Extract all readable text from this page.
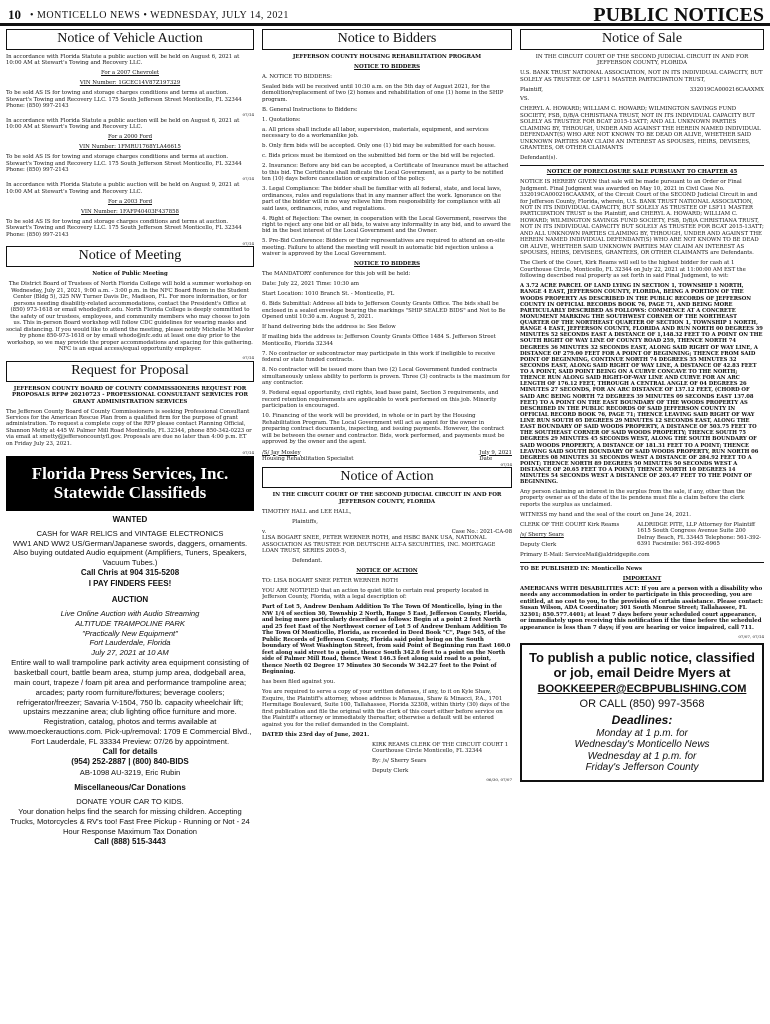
10 • MONTICELLO NEWS • WEDNESDAY, JULY 14, 2021	PUBLIC NOTICES
Notice of Vehicle Auction

In accordance with Florida Statute a public auction will be held on August 6, 2021 at 10:00 AM at Stewart's Towing and Recovery LLC.

For a 2007 Chevrolet

VIN Number: 1GCEC14V87Z197329

To be sold AS IS for towing and storage charges conditions and terms at auction. Stewart's Towing and Recovery LLC. 175 South Jefferson Street Monticello, FL 32344 Phone: (850) 997-2143

07/14

In accordance with Florida Statute a public auction will be held on August 6, 2021 at 10:00 AM at Stewart's Towing and Recovery LLC.

For a 2000 Ford

VIN Number: 1FMRU1768YLA46615

To be sold AS IS for towing and storage charges conditions and terms at auction. Stewart's Towing and Recovery LLC. 175 South Jefferson Street Monticello, FL 32344 Phone: (850) 997-2143

07/14

In accordance with Florida Statute a public auction will be held on August 9, 2021 at 10:00 AM at Stewart's Towing and Recovery LLC.

For a 2003 Ford

VIN Number: 1FAFP40403F437858

To be sold AS IS for towing and storage charges conditions and terms at auction. Stewart's Towing and Recovery LLC. 175 South Jefferson Street Monticello, FL 32344 Phone: (850) 997-2143

07/14
Notice of Meeting

Notice of Public Meeting

The District Board of Trustees of North Florida College will hold a summer workshop on Wednesday, July 21, 2021, 9:00 a.m. - 3:00 p.m. in the NFC Board Room in the Student Center (Bldg 5), 325 NW Turner Davis Dr., Madison, FL. For more information, or for persons needing disability-related accommodations, contact the President's Office at (850) 973-1618 or email whodo@nfc.edu. North Florida College is deeply committed to the safety of our trustees, employees, and community members who may choose to join us. This in-person Board workshop will follow CDC guidelines for wearing masks and social distancing. If you would like to attend the meeting, please notify Michelle M Mavlor by phone 850-973-1618 or by email whodo@nfc.edu at least one day prior to the workshop, so we may provide the proper accommodations and spacing for this gathering. NFC is an equal access/equal opportunity employer.

07/14
Request for Proposal

JEFFERSON COUNTY BOARD OF COUNTY COMMISSIONERS REQUEST FOR PROPOSALS RFP# 20210723 - PROFESSIONAL CONSULTANT SERVICES FOR GRANT ADMINISTRATION SERVICES

The Jefferson County Board of County Commissioners is seeking Professional Consultant Services for the American Rescue Plan from a qualified firm for the purpose of grant administration. To request a complete copy of the RFP please contact Planning Official, Shannon Metty at 445 W. Palmer Mill Road Monticello, FL 32344, phone 850-342-0223 or via email at smetty@jeffersoncountyfl.gov. Proposals are due no later than 4:00 p.m. ET on Friday July 23, 2021.

07/14
Florida Press Services, Inc. Statewide Classifieds

WANTED

CASH for WAR RELICS and VINTAGE ELECTRONICS
WW1 AND WW2 US/German/Japanese swords, daggers, ornaments.
Also buying outdated Audio equipment (Amplifiers, Tuners, Speakers, Vacuum Tubes.)
Call Chris at 904 315-5208
I PAY FINDERS FEES!

AUCTION

Live Online Auction with Audio Streaming
ALTITUDE TRAMPOLINE PARK
"Practically New Equipment"
Fort Lauderdale, Florida
July 27, 2021 at 10 AM
Entire wall to wall trampoline park activity area equipment consisting of basketball court, battle beam area, stump jump area, dodgeball area, main court, trapeze / foam pit area and performance trampoline area; arcades; party room furniture/fixtures; beverage coolers; refrigerator/freezer; Savaria V-1504, 750 lb. capacity wheelchair lift; upstairs mezzanine area; club lighting office furniture and more. Registration, catalog, photos and terms available at www.moeckerauctions.com. Pick-up/removal: 1709 E Commercial Blvd., Fort Lauderdale, FL 33334 Preview: 07/26 by appointment.
Call for details
(954) 252-2887 | (800) 840-BIDS
AB-1098 AU-3219, Eric Rubin

Miscellaneous/Car Donations

DONATE YOUR CAR TO KIDS.
Your donation helps find the search for missing children. Accepting Trucks, Motorcycles & RV's too! Fast Free Pickup - Running or Not - 24 Hour Response Maximum Tax Donation
Call (888) 515-3443
Notice to Bidders

JEFFERSON COUNTY HOUSING REHABILITATION PROGRAM

NOTICE TO BIDDERS

A. NOTICE TO BIDDERS:

Sealed bids will be received until 10:30 a.m. on the 5th day of August 2021, for the demolition/replacement of two (2) homes and rehabilitation of one (1) home in the SHIP program.

B. General Instructions to Bidders:

1. Quotations:

a. All prices shall include all labor, supervision, materials, equipment, and services necessary to do a workmanlike job.

b. Only firm bids will be accepted. Only one (1) bid may be submitted for each house.

c. Bids prices must be itemized on the submitted bid form or the bid will be rejected.

2. Insurance: Before any bid can be accepted, a Certificate of Insurance must be attached to this bid. The Certificate shall indicate the Local Government, as a party to be notified ten (10) days before cancellation or expiration of the policy.

3. Legal Compliance: The bidder shall be familiar with all federal, state, and local laws, ordinances, rules and regulations that in any manner affect the work. Ignorance on the part of the bidder will in no way relieve him from responsibility for compliance with all said laws, ordinances, rules, and regulations.

4. Right of Rejection: The owner, in cooperation with the Local Government, reserves the right to reject any one bid or all bids, to waive any informality in any bid, and to award the bid in the best interest of the Local Government and the Owner.

5. Pre-Bid Conference: Bidders or their representatives are required to attend an on-site meeting. Failure to attend the meeting will result in automatic bid rejection unless a waiver is approved by the Local Government.

NOTICE TO BIDDERS

The MANDATORY conference for this job will be held:

Date: July 22, 2021 Time: 10:30 am

Start Location: 1010 Branch St. - Monticello, FL

6. Bids Submittal: Address all bids to Jefferson County Grants Office. The bids shall be enclosed in a sealed envelope bearing the markings "SHIP SEALED BIDS" and Not to Be Opened until 10:30 a.m. August 5, 2021.

If hand delivering bids the address is: See Below

If mailing bids the address is: Jefferson County Grants Office 1484 S. Jefferson Street Monticello, Florida 32344

7. No contractor or subcontractor may participate in this work if ineligible to receive federal or state funded contracts.

8. No contractor will be issued more than two (2) Local Government funded contracts simultaneously unless ability to perform is proven. Three (3) contracts is the maximum for any contractor.

9. Federal equal opportunity, civil rights, lead base paint, Section 3 requirements, and record retention requirements are applicable to work performed on this job. Minority participation is encouraged.

10. Financing of the work will be provided, in whole or in part by the Housing Rehabilitation Program. The Local Government will act as agent for the owner in preparing contract documents, inspecting, and issuing payments. However, the contract will be between the owner and contractor. Bids, work performed, and payments must be approved by the owner and the agent.

/S/ Jay Mosley
Housing Rehabilitation Specialist
July 9, 2021
Date
07/14
Notice of Action

IN THE CIRCUIT COURT OF THE SECOND JUDICIAL CIRCUIT IN AND FOR JEFFERSON COUNTY, FLORIDA

TIMOTHY HALL and LEE HALL,

Plaintiffs,

v.	Case No.: 2021-CA-08

LISA BOGART SNEE, PETER WERNER ROTH, and HSBC BANK USA, NATIONAL ASSOCIATION AS TRUSTEE FOR DEUTSCHE ALT-A SECURITIES, INC. MORTGAGE LOAN TRUST, SERIES 2005-5,

Defendant.

NOTICE OF ACTION

TO: LISA BOGART SNEE PETER WERNER ROTH

YOU ARE NOTIFIED that an action to quiet title to certain real property located in Jefferson County, Florida, with a legal description of:

Part of Lot 5, Andrew Denham Addition To The Town Of Monticello, lying in the NW 1/4 of section 30, Township 2 North, Range 5 East, Jefferson County, Florida, and being more particularly described as follows: Begin at a point 2 feet North and 25 feet East of the Northwest corner of Lot 5 of Andrew Denham Addition To The Town Of Monticello, Florida, as recorded in Deed Book "C", Page 545, of the Public Records of Jefferson County, Florida said point being on the South boundary of West Washington Street, from said Point of Beginning run East 160.0 feet along said street to a point, thence South 342.0 feet to a point on the North side of Palmer Mill Road, thence West 146.3 feet along said road to a point, thence North 02 Degree 17 Minutes 30 Seconds W 342.27 feet to the Point of Beginning.

has been filed against you.

You are required to serve a copy of your written defenses, if any, to it on Kyle Shaw, Esquire, the Plaintiff's attorney, whose address is Manausa, Shaw & Minacci, P.A., 1701 Hermitage Boulevard, Suite 100, Tallahassee, Florida 32308, within thirty (30) days of the first publication and file the original with the clerk of this court either before service on the Plaintiff's attorney or immediately thereafter, otherwise a default will be entered against you for the relief demanded in the Complaint.

DATED this 23rd day of June, 2021.

KIRK REAMS CLERK OF THE CIRCUIT COURT 1 Courthouse Circle Monticello, FL 32344

By: /s/ Sherry Sears

Deputy Clerk

06/30, 07/07
Notice of Sale

IN THE CIRCUIT COURT OF THE SECOND JUDICIAL CIRCUIT IN AND FOR JEFFERSON COUNTY, FLORIDA

U.S. BANK TRUST NATIONAL ASSOCIATION, NOT IN ITS INDIVIDUAL CAPACITY, BUT SOLELY AS TRUSTEE OF LSF11 MASTER PARTICIPATION TRUST,

Plaintiff,	332019CA000216CAAXMX

VS.

CHERYL A. HOWARD; WILLIAM C. HOWARD; WILMINGTON SAVINGS FUND SOCIETY, FSB, D/B/A CHRISTIANA TRUST, NOT IN ITS INDIVIDUAL CAPACITY BUT SOLELY AS TRUSTEE FOR BCAT 2015-13ATT; AND ALL UNKNOWN PARTIES CLAIMING BY, THROUGH, UNDER AND AGAINST THE HEREIN NAMED INDIVIDUAL DEFENDANT(S) WHO ARE NOT KNOWN TO BE DEAD OR ALIVE, WHETHER SAID UNKNOWN PARTIES MAY CLAIM AN INTEREST AS SPOUSES, HEIRS, DEVISEES, GRANTEES, OR OTHER CLAIMANTS

Defendant(s).

NOTICE OF FORECLOSURE SALE PURSUANT TO CHAPTER 45

NOTICE IS HEREBY GIVEN that sale will be made pursuant to an Order or Final Judgment. Final Judgment was awarded on May 10, 2021 in Civil Case No. 332019CA000216CAAXMX, of the Circuit Court of the SECOND Judicial Circuit in and for Jefferson County, Florida, wherein, U.S. BANK TRUST NATIONAL ASSOCIATION, NOT IN ITS INDIVIDUAL CAPACITY, BUT SOLELY AS TRUSTEE OF LSF11 MASTER PARTICIPATION TRUST is the Plaintiff, and CHERYL A. HOWARD; WILLIAM C. HOWARD; WILMINGTON SAVINGS FUND SOCIETY, FSB, D/B/A CHRISTIANA TRUST, NOT IN ITS INDIVIDUAL CAPACITY BUT SOLELY AS TRUSTEE FOR BCAT 2015-13ATT; AND ALL UNKNOWN PARTIES CLAIMING BY, THROUGH, UNDER AND AGAINST THE HEREIN NAMED INDIVIDUAL DEFENDANT(S) WHO ARE NOT KNOWN TO BE DEAD OR ALIVE, WHETHER SAID UNKNOWN PARTIES MAY CLAIM AN INTEREST AS SPOUSES, HEIRS, DEVISEES, GRANTEES, OR OTHER CLAIMANTS are Defendants.

The Clerk of the Court, Kirk Reams will sell to the highest bidder for cash at 1 Courthouse Circle, Monticello, FL 32344 on July 22, 2021 at 11:00:00 AM EST the following described real property as set forth in said Final Judgment, to wit:

A 3.72 ACRE PARCEL OF LAND LYING IN SECTION 1, TOWNSHIP 1 NORTH, RANGE 4 EAST, JEFFERSON COUNTY, FLORIDA, BEING A PORTION OF THE WOODS PROPERTY AS DESCRIBED IN THE PUBLIC RECORDS OF JEFFERSON COUNTY IN OFFICIAL RECORDS BOOK 76, PAGE 71, AND BEING MORE PARTICULARLY DESCRIBED AS FOLLOWS: COMMENCE AT A CONCRETE MONUMENT MARKING THE SOUTHWEST CORNER OF THE NORTHEAST QUARTER OF THE NORTHEAST QUARTER OF SECTION 1, TOWNSHIP 1 NORTH, RANGE 4 EAST, JEFFERSON COUNTY, FLORIDA AND RUN NORTH 00 DEGREES 39 MINUTES 52 SECONDS EAST A DISTANCE OF 1,148.32 FEET TO A POINT ON THE SOUTH RIGHT OF WAY LINE OF COUNTY ROAD 259, THENCE NORTH 74 DEGREES 36 MINUTES 32 SECONDS EAST, ALONG SAID RIGHT OF WAY LINE, A DISTANCE OF 279.00 FEET FOR A POINT OF BEGINNING; THENCE FROM SAID POINT OF BEGINNING, CONTINUE NORTH 74 DEGREES 35 MINUTES 32 SECONDS EAST, ALONG SAID RIGHT OF WAY LINE, A DISTANCE OF 42.83 FEET TO A POINT, SAID POINT BEING ON A CURVE CONCAVE TO THE NORTH; THENCE RUN ALONG SAID RIGHT-OF-WAY LINE AND CURVE FOR AN ARC LENGTH OF 176.12 FEET, THROUGH A CENTRAL ANGLE OF 04 DEGREES 26 MINUTES 27 SECONDS, FOR AN ARC DISTANCE OF 137.12 FEET, (CHORD OF SAID ARC BEING NORTH 72 DEGREES 39 MINUTES 09 SECONDS EAST 137.08 FEET) TO A POINT ON THE EAST BOUNDARY OF THE WOODS PROPERTY AS DESCRIBED IN THE PUBLIC RECORDS OF SAID JEFFERSON COUNTY IN OFFICIAL RECORD BOOK 76, PAGE 71; THENCE LEAVING SAID RIGHT OF WAY LINE RUN SOUTH 05 DEGREES 29 MINUTES 12 SECONDS EAST, ALONG THE EAST BOUNDARY OF SAID WOODS PROPERTY, A DISTANCE OF 503.75 FEET TO THE SOUTHEAST CORNER OF SAID WOODS PROPERTY; THENCE SOUTH 75 DEGREES 29 MINUTES 45 SECONDS WEST, ALONG THE SOUTH BOUNDARY OF SAID WOODS PROPERTY, A DISTANCE OF 181.31 FEET TO A POINT; THENCE LEAVING SAID SOUTH BOUNDARY OF SAID WOODS PROPERTY, RUN NORTH 06 DEGREES 08 MINUTES 31 SECONDS WEST A DISTANCE OF 284.92 FEET TO A POINT; THENCE NORTH 89 DEGREES 50 MINUTES 50 SECONDS WEST A DISTANCE OF 20.65 FEET TO A POINT; THENCE NORTH 10 DEGREES 14 MINUTES 54 SECONDS WEST A DISTANCE OF 203.47 FEET TO THE POINT OF BEGINNING.

Any person claiming an interest in the surplus from the sale, if any, other than the property owner as of the date of the lis pendens must file a claim before the clerk reports the surplus as unclaimed.

WITNESS my hand and the seal of the court on June 24, 2021.

CLERK OF THE COURT Kirk Reams

/s/ Sherry Sears

Deputy Clerk

ALDRIDGE PITE, LLP Attorney for Plaintiff 1615 South Congress Avenue Suite 200 Delray Beach, FL 33445 Telephone: 561-392-6391 Facsimile: 561-392-6965

Primary E-Mail: ServiceMail@aldridgepite.com

TO BE PUBLISHED IN: Monticello News

IMPORTANT

AMERICANS WITH DISABILITIES ACT: If you are a person with a disability who needs any accommodation in order to participate in this proceeding, you are entitled, at no cost to you, to the provision of certain assistance. Please contact: Susan Wilson, ADA Coordinator; 301 South Monroe Street; Tallahassee, FL 32301; 850.577.4401; at least 7 days before your scheduled court appearance, or immediately upon receiving this notification if the time before the scheduled appearance is less than 7 days; if you are hearing or voice impaired, call 711.

07/07, 07/14
To publish a public notice, classified or job, email Deidre Myers at
BOOKKEEPER@ECBPUBLISHING.COM
OR CALL (850) 997-3568
Deadlines:
Monday at 1 p.m. for
Wednesday's Monticello News
Wednesday at 1 p.m. for
Friday's Jefferson County
